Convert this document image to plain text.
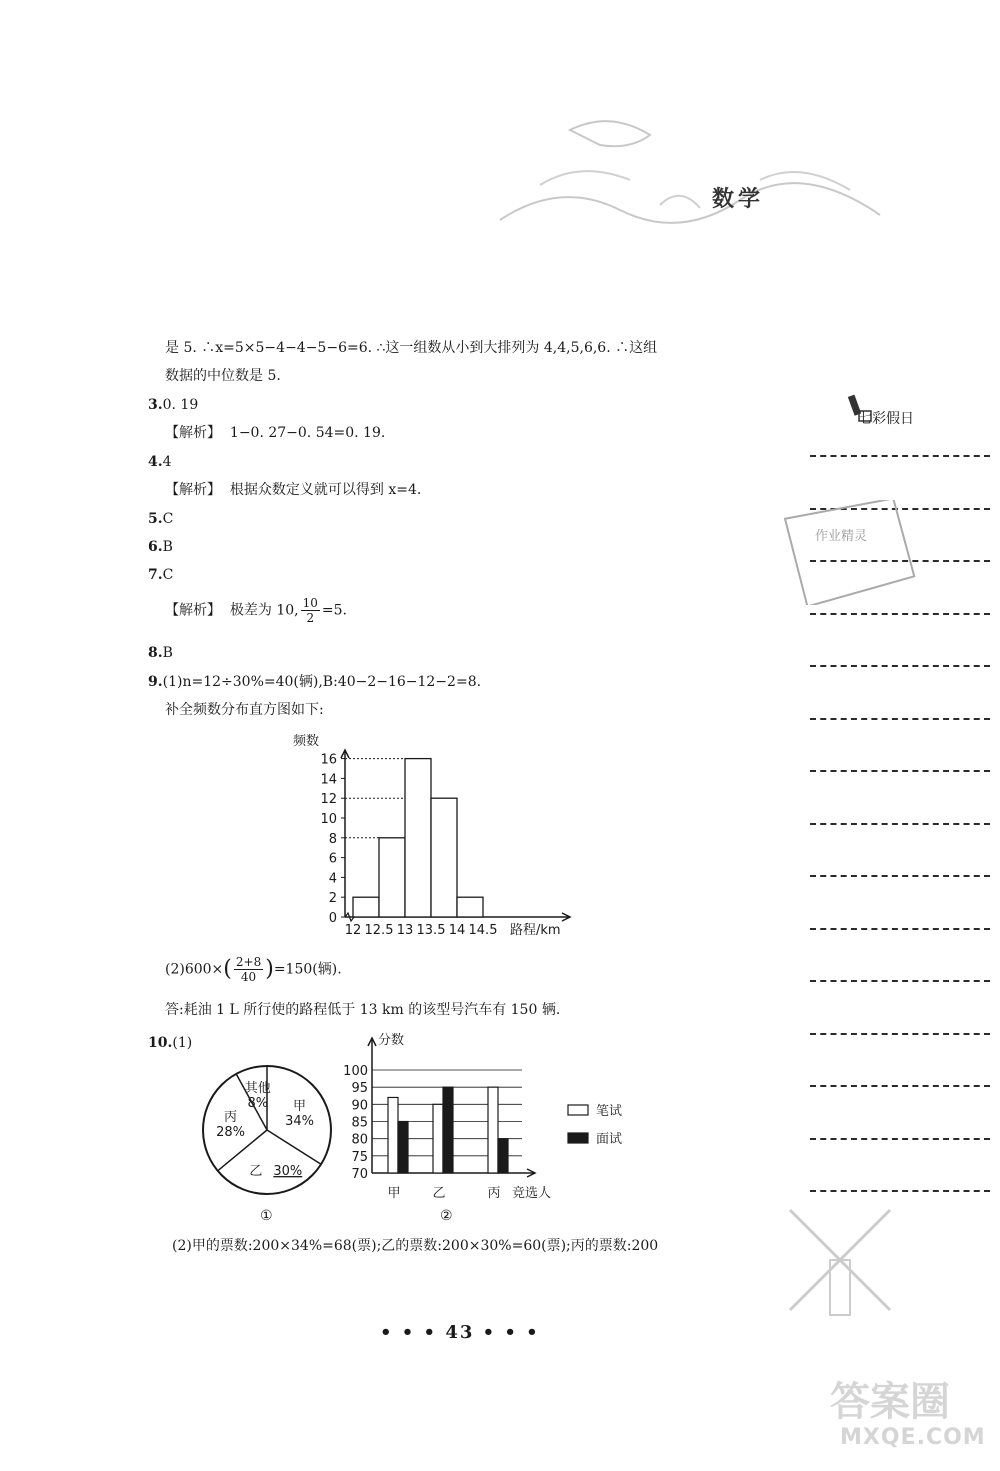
数学
七彩假日
作业精灵
是 5. ∴x=5×5−4−4−5−6=6. ∴这一组数从小到大排列为 4,4,5,6,6. ∴这组
数据的中位数是 5.
3.0. 19
【解析】 1−0. 27−0. 54=0. 19.
4.4
【解析】 根据众数定义就可以得到 x=4.
5.C
6.B
7.C
【解析】 极差为 10, $\frac{10}{2} =5$.
8.B
9.(1)n=12÷30%=40(辆),B:40−2−16−12−2=8.
补全频数分布直方图如下:
频数
路程/km
0
2
4
6
8
10
12
14
16
12 12.5 13 13.5 14 14.5
$(2)600\times( \frac{2+8}{40} )=150$(辆).
答:耗油 1 L 所行使的路程低于 13 km 的该型号汽车有 150 辆.
10.(1)
甲
34%
乙 30%
丙
28%
其他
8%
①
分数
竞选人
70
75
80
85
90
95
100
甲 乙	丙
笔试
面试
②
(2)甲的票数:200×34%=68(票);乙的票数:200×30%=60(票);丙的票数:200
• • • 43 • • •
答案圈
MXQE.COM
